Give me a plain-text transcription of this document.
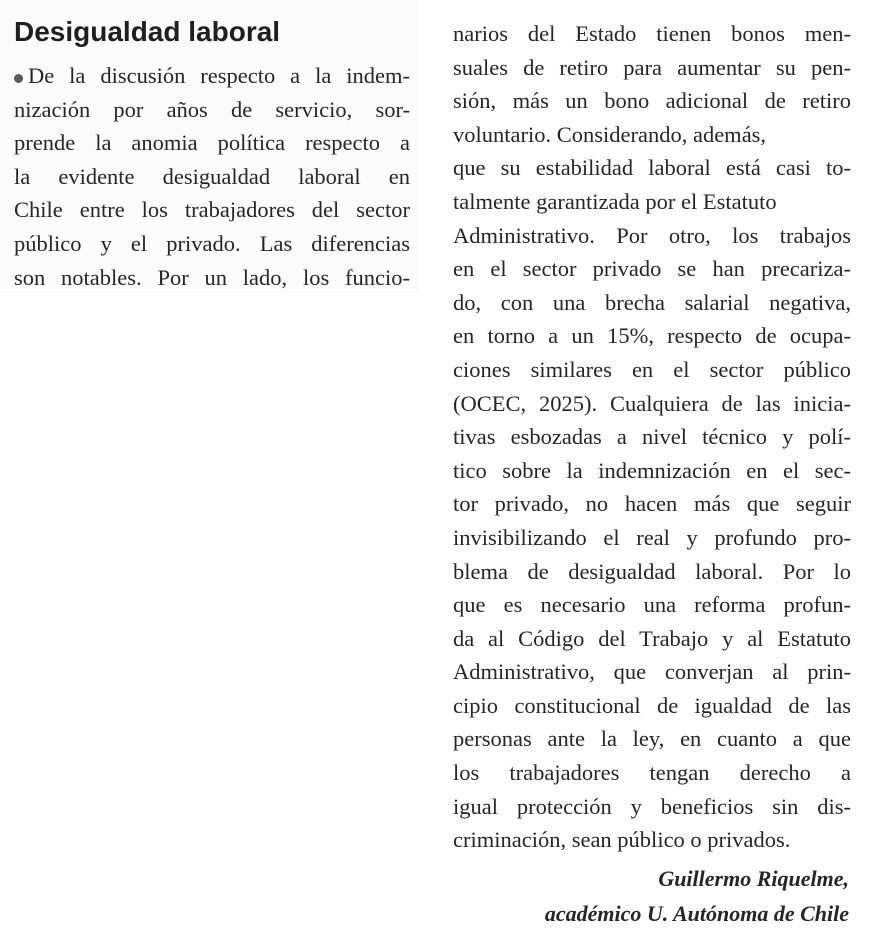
Desigualdad laboral
De la discusión respecto a la indem-
nización por años de servicio, sor-
prende la anomia política respecto a
la evidente desigualdad laboral en
Chile entre los trabajadores del sector
público y el privado. Las diferencias
son notables. Por un lado, los funcio-
narios del Estado tienen bonos men-
suales de retiro para aumentar su pen-
sión, más un bono adicional de retiro
voluntario. Considerando, además,
que su estabilidad laboral está casi to-
talmente garantizada por el Estatuto
Administrativo. Por otro, los trabajos
en el sector privado se han precariza-
do, con una brecha salarial negativa,
en torno a un 15%, respecto de ocupa-
ciones similares en el sector público
(OCEC, 2025). Cualquiera de las inicia-
tivas esbozadas a nivel técnico y polí-
tico sobre la indemnización en el sec-
tor privado, no hacen más que seguir
invisibilizando el real y profundo pro-
blema de desigualdad laboral. Por lo
que es necesario una reforma profun-
da al Código del Trabajo y al Estatuto
Administrativo, que converjan al prin-
cipio constitucional de igualdad de las
personas ante la ley, en cuanto a que
los trabajadores tengan derecho a
igual protección y beneficios sin dis-
criminación, sean público o privados.
Guillermo Riquelme,
académico U. Autónoma de Chile
